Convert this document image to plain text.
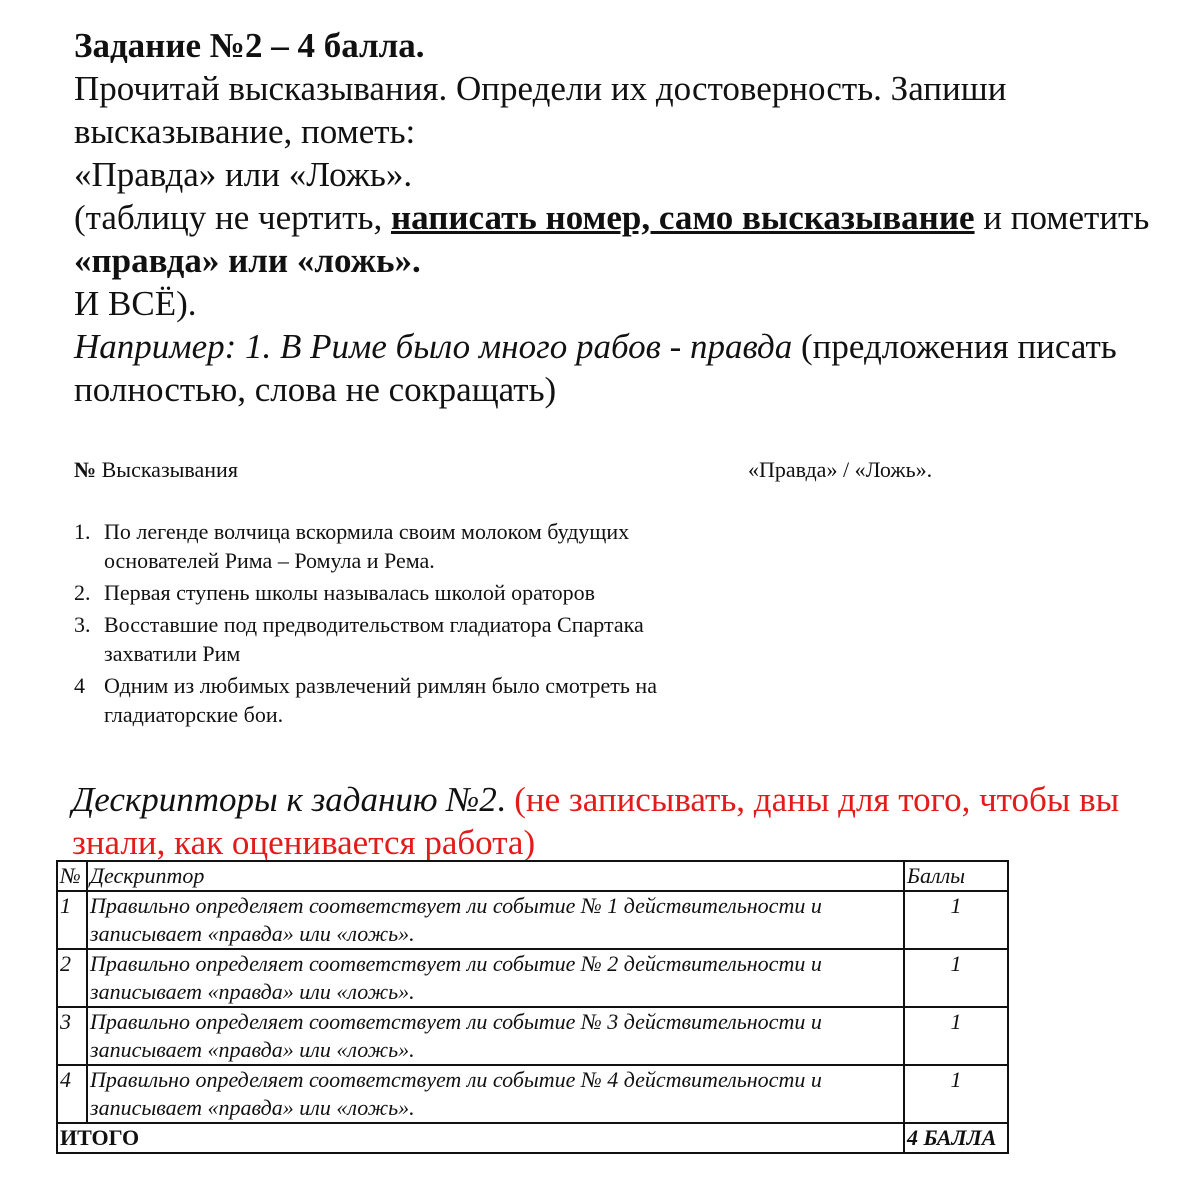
Задание №2 – 4 балла.

Прочитай высказывания. Определи их достоверность. Запиши высказывание, пометь:

«Правда» или «Ложь».

(таблицу не чертить, написать номер, само высказывание и пометить «правда» или «ложь».

И ВСЁ).

Например: 1. В Риме было много рабов - правда (предложения писать полностью, слова не сокращать)

№ Высказывания	«Правда» / «Ложь».
1. По легенде волчица вскормила своим молоком будущих основателей Рима – Ромула и Рема.
2. Первая ступень школы называлась школой ораторов
3. Восставшие под предводительством гладиатора Спартака захватили Рим
4 Одним из любимых развлечений римлян было смотреть на гладиаторские бои.
Дескрипторы к заданию №2. (не записывать, даны для того, чтобы вы знали, как оценивается работа)
№	Дескриптор	Баллы
1	Правильно определяет соответствует ли событие № 1 действительности и записывает «правда» или «ложь».	1
2	Правильно определяет соответствует ли событие № 2 действительности и записывает «правда» или «ложь».	1
3	Правильно определяет соответствует ли событие № 3 действительности и записывает «правда» или «ложь».	1
4	Правильно определяет соответствует ли событие № 4 действительности и записывает «правда» или «ложь».	1
ИТОГО		4 БАЛЛА
